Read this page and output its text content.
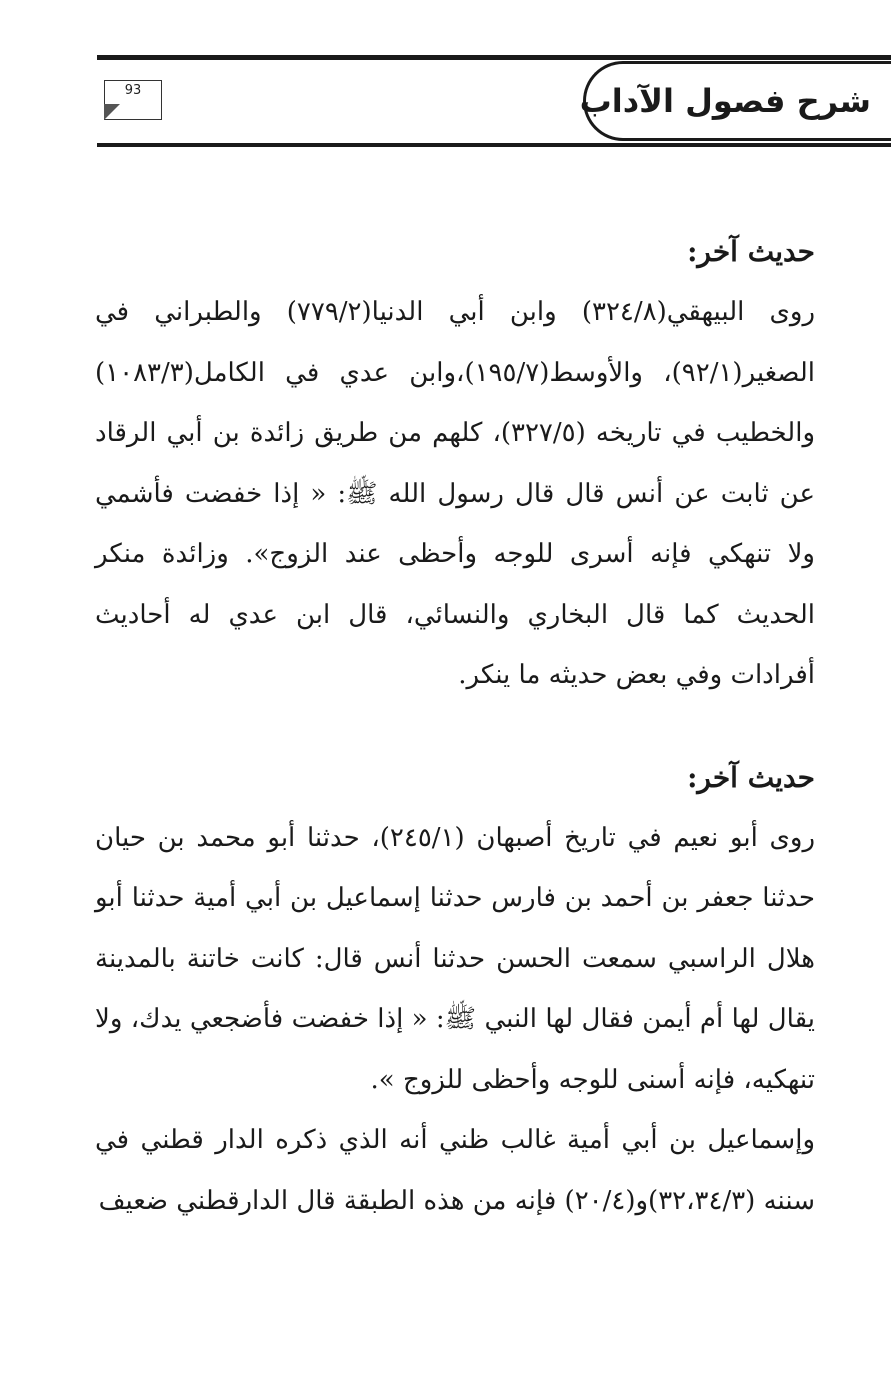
شرح فصول الآداب
93

حديث آخر:

روى البيهقي(٣٢٤/٨) وابن أبي الدنيا(٧٧٩/٢) والطبراني في الصغير(٩٢/١)، والأوسط(١٩٥/٧)،وابن عدي في الكامل(١٠٨٣/٣) والخطيب في تاريخه (٣٢٧/٥)، كلهم من طريق زائدة بن أبي الرقاد عن ثابت عن أنس قال قال رسول الله ﷺ: « إذا خفضت فأشمي ولا تنهكي فإنه أسرى للوجه وأحظى عند الزوج». وزائدة منكر الحديث كما قال البخاري والنسائي، قال ابن عدي له أحاديث أفرادات وفي بعض حديثه ما ينكر.

حديث آخر:

روى أبو نعيم في تاريخ أصبهان (٢٤٥/١)، حدثنا أبو محمد بن حيان حدثنا جعفر بن أحمد بن فارس حدثنا إسماعيل بن أبي أمية حدثنا أبو هلال الراسبي سمعت الحسن حدثنا أنس قال: كانت خاتنة بالمدينة يقال لها أم أيمن فقال لها النبي ﷺ: « إذا خفضت فأضجعي يدك، ولا تنهكيه، فإنه أسنى للوجه وأحظى للزوج ».

وإسماعيل بن أبي أمية غالب ظني أنه الذي ذكره الدار قطني في سننه (٣٢،٣٤/٣)و(٢٠/٤) فإنه من هذه الطبقة قال الدارقطني ضعيف
